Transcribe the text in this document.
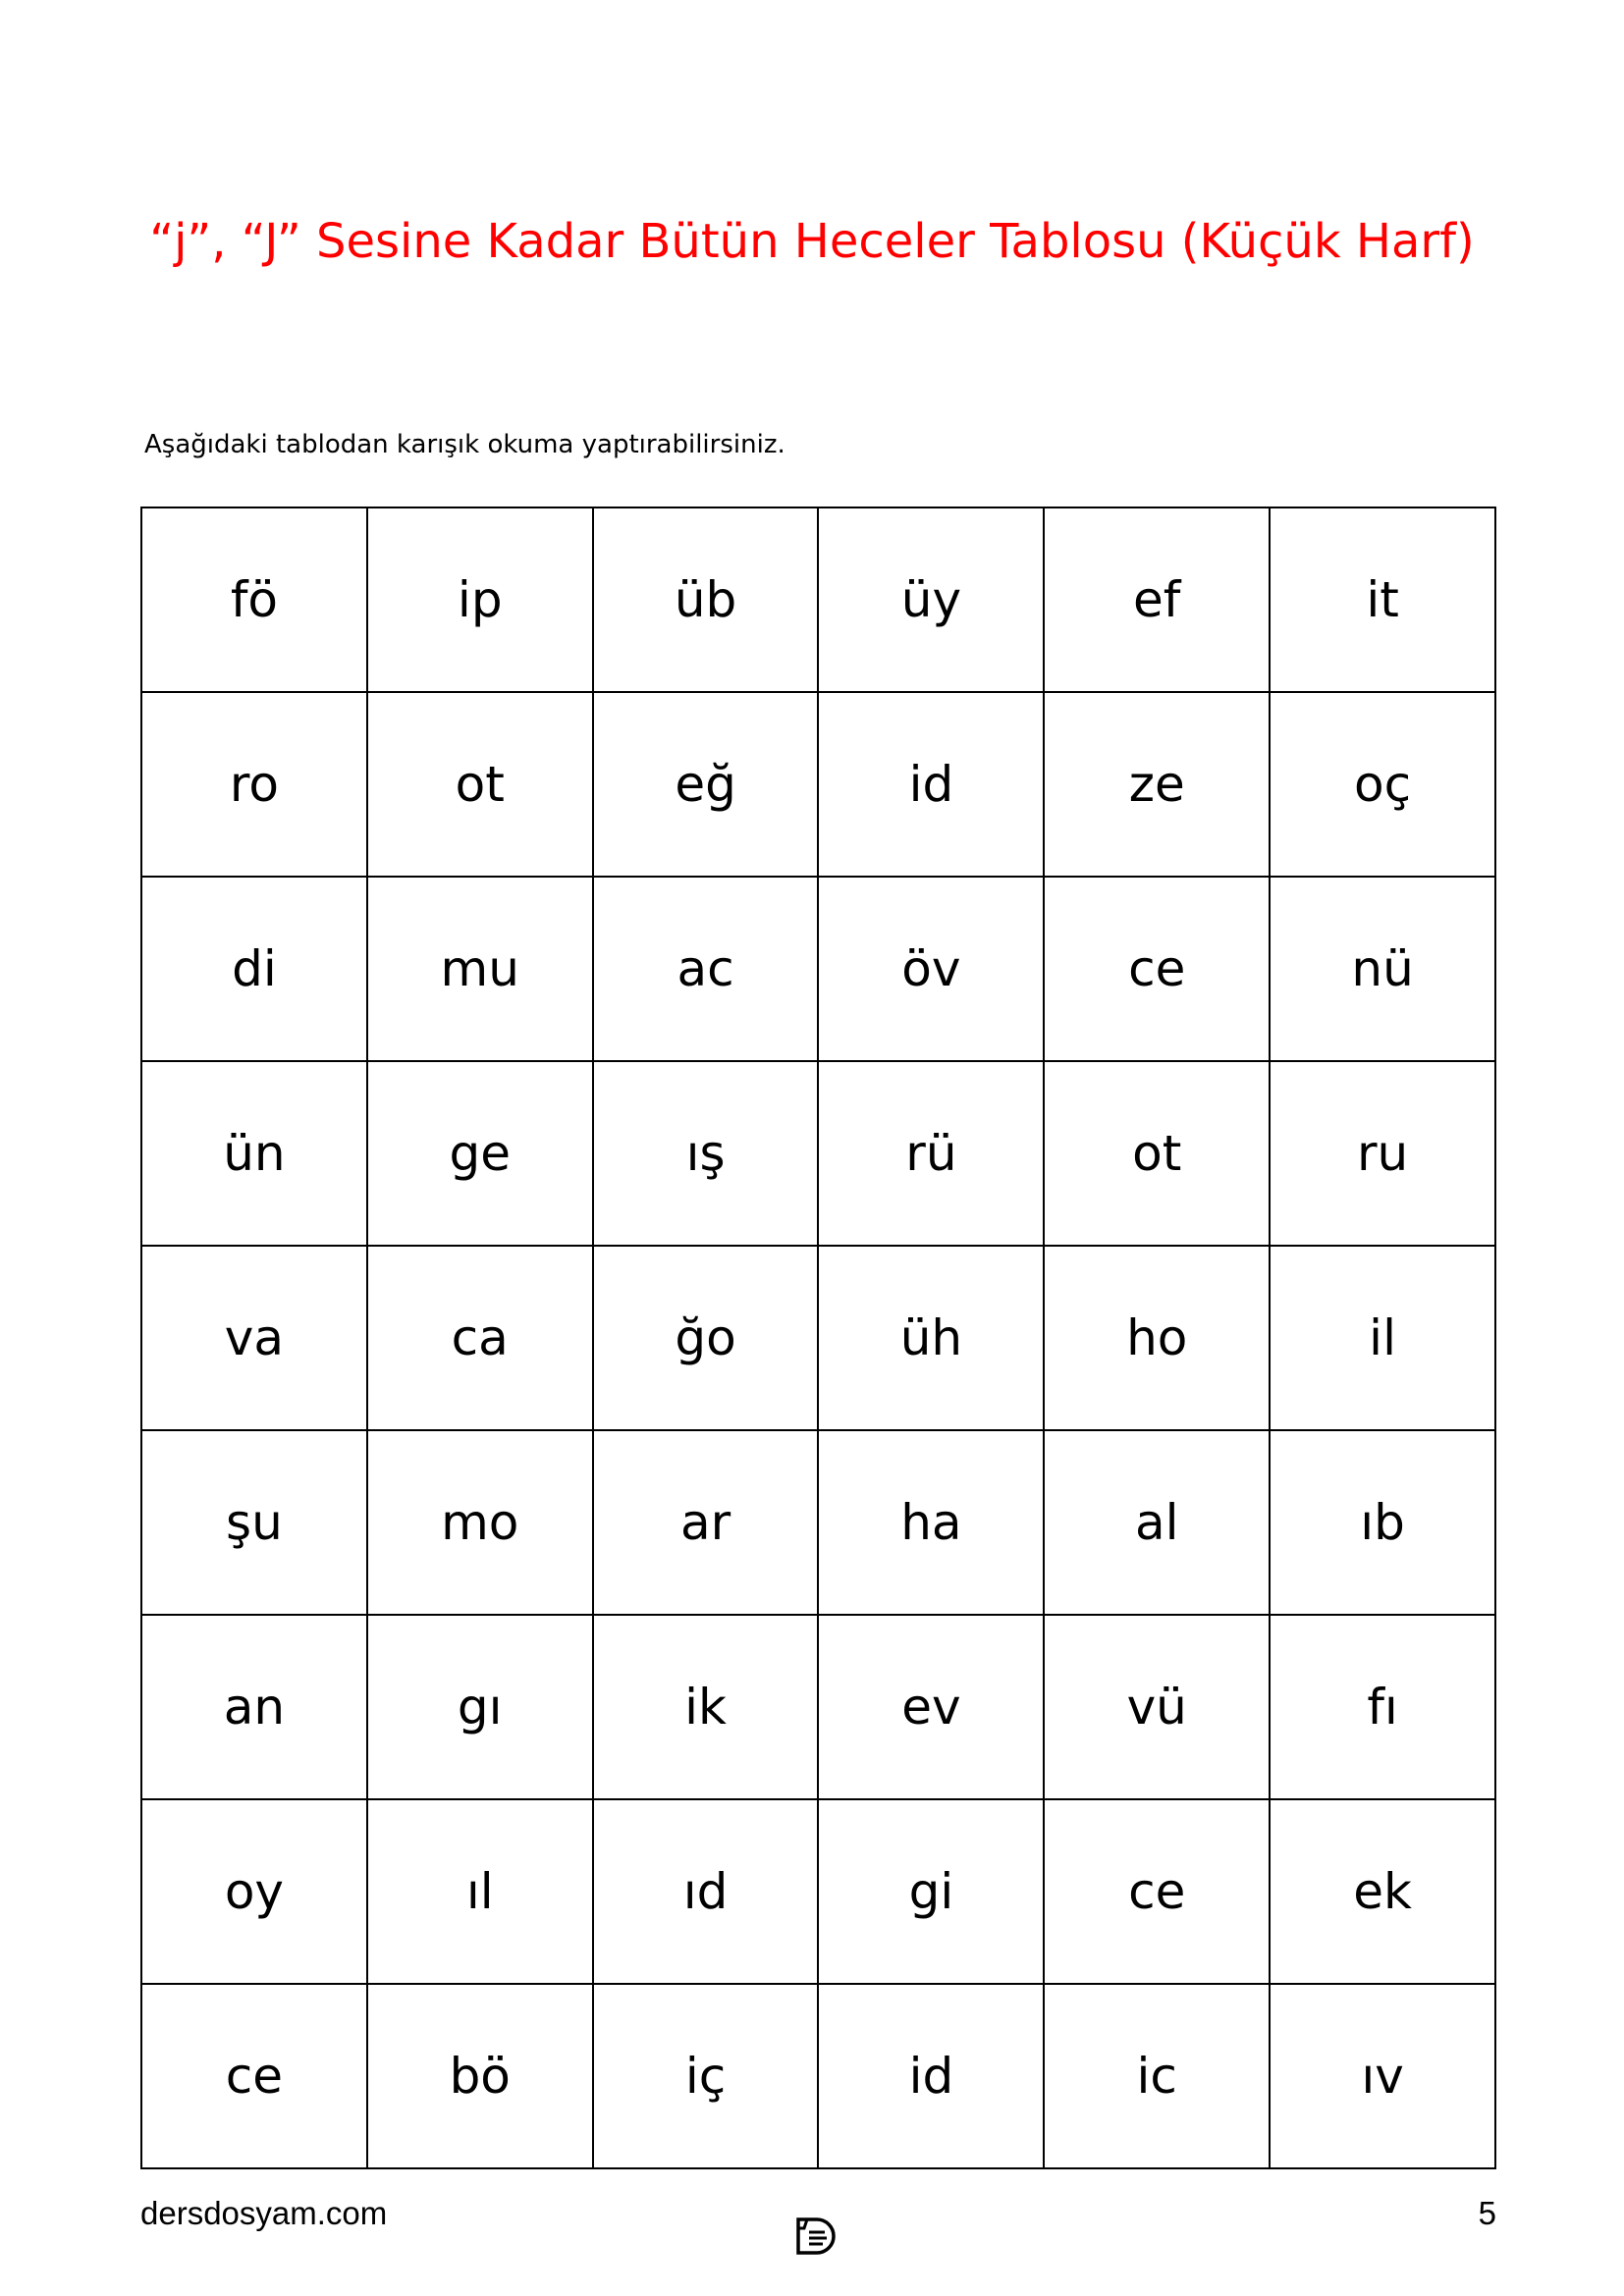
“j”, “J” Sesine Kadar Bütün Heceler Tablosu (Küçük Harf)
Aşağıdaki tablodan karışık okuma yaptırabilirsiniz.
fö	ip	üb	üy	ef	it
ro	ot	eğ	id	ze	oç
di	mu	ac	öv	ce	nü
ün	ge	ış	rü	ot	ru
va	ca	ğo	üh	ho	il
şu	mo	ar	ha	al	ıb
an	gı	ik	ev	vü	fı
oy	ıl	ıd	gi	ce	ek
ce	bö	iç	id	ic	ıv
dersdosyam.com	5
